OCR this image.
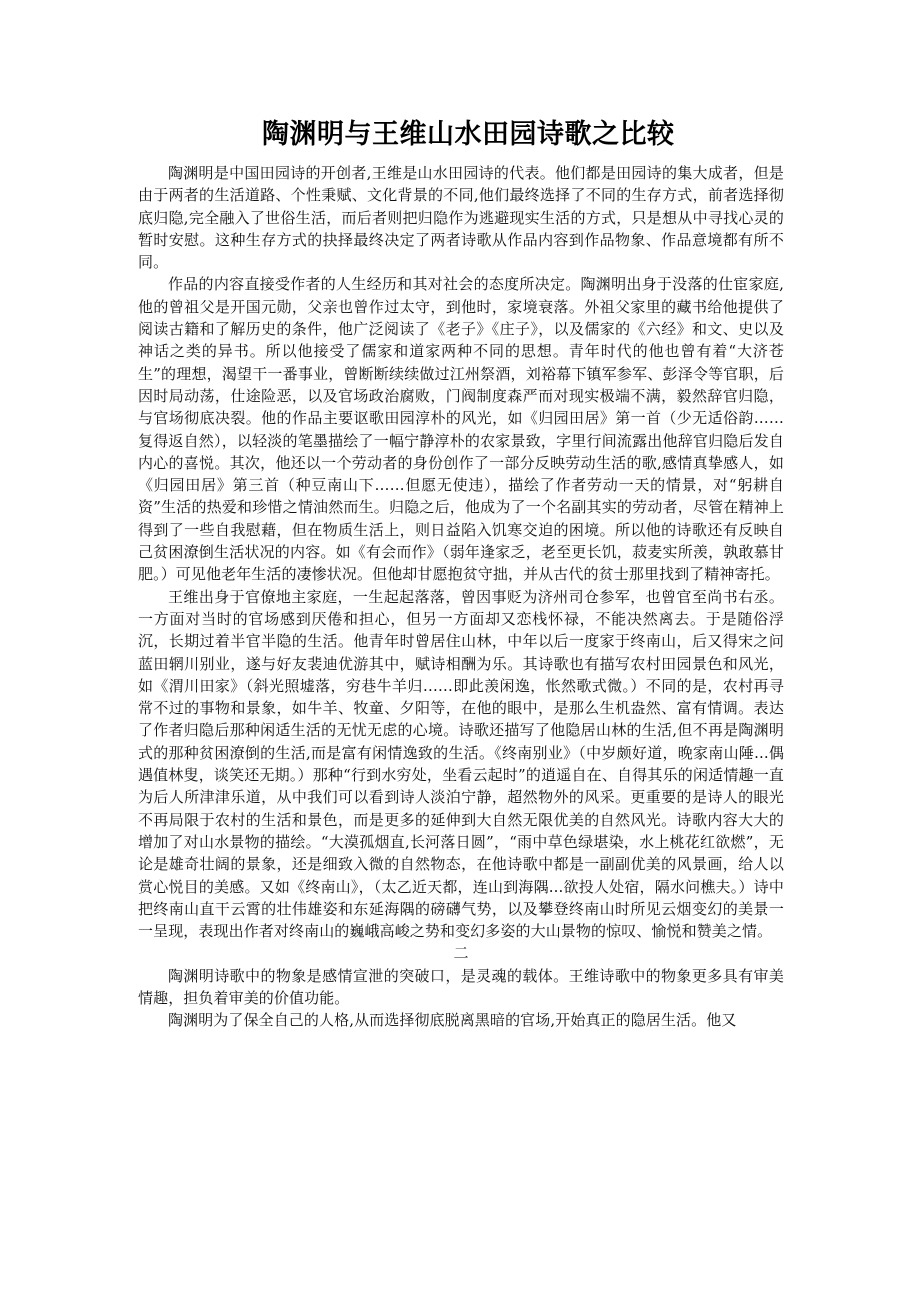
陶渊明与王维山水田园诗歌之比较

陶渊明是中国田园诗的开创者,王维是山水田园诗的代表。他们都是田园诗的集大成者，但是由于两者的生活道路、个性秉赋、文化背景的不同,他们最终选择了不同的生存方式，前者选择彻底归隐,完全融入了世俗生活，而后者则把归隐作为逃避现实生活的方式，只是想从中寻找心灵的暂时安慰。这种生存方式的抉择最终决定了两者诗歌从作品内容到作品物象、作品意境都有所不同。

作品的内容直接受作者的人生经历和其对社会的态度所决定。陶渊明出身于没落的仕宦家庭,他的曾祖父是开国元勋，父亲也曾作过太守，到他时，家境衰落。外祖父家里的藏书给他提供了阅读古籍和了解历史的条件，他广泛阅读了《老子》《庄子》，以及儒家的《六经》和文、史以及神话之类的异书。所以他接受了儒家和道家两种不同的思想。青年时代的他也曾有着“大济苍生”的理想，渴望干一番事业，曾断断续续做过江州祭酒，刘裕幕下镇军参军、彭泽令等官职，后因时局动荡，仕途险恶，以及官场政治腐败，门阀制度森严而对现实极端不满，毅然辞官归隐，与官场彻底决裂。他的作品主要讴歌田园淳朴的风光，如《归园田居》第一首（少无适俗韵……复得返自然），以轻淡的笔墨描绘了一幅宁静淳朴的农家景致，字里行间流露出他辞官归隐后发自内心的喜悦。其次，他还以一个劳动者的身份创作了一部分反映劳动生活的歌,感情真挚感人，如《归园田居》第三首（种豆南山下……但愿无使违），描绘了作者劳动一天的情景，对“躬耕自资”生活的热爱和珍惜之情油然而生。归隐之后，他成为了一个名副其实的劳动者，尽管在精神上得到了一些自我慰藉，但在物质生活上，则日益陷入饥寒交迫的困境。所以他的诗歌还有反映自己贫困潦倒生活状况的内容。如《有会而作》（弱年逢家乏，老至更长饥，菽麦实所羡，孰敢慕甘肥。）可见他老年生活的凄惨状况。但他却甘愿抱贫守拙，并从古代的贫士那里找到了精神寄托。

王维出身于官僚地主家庭，一生起起落落，曾因事贬为济州司仓参军，也曾官至尚书右丞。一方面对当时的官场感到厌倦和担心，但另一方面却又恋栈怀禄，不能决然离去。于是随俗浮沉，长期过着半官半隐的生活。他青年时曾居住山林，中年以后一度家于终南山，后又得宋之问蓝田辋川别业，遂与好友裴迪优游其中，赋诗相酬为乐。其诗歌也有描写农村田园景色和风光，如《渭川田家》（斜光照墟落，穷巷牛羊归……即此羡闲逸，怅然歌式微。）不同的是，农村再寻常不过的事物和景象，如牛羊、牧童、夕阳等，在他的眼中，是那么生机盎然、富有情调。表达了作者归隐后那种闲适生活的无忧无虑的心境。诗歌还描写了他隐居山林的生活,但不再是陶渊明式的那种贫困潦倒的生活,而是富有闲情逸致的生活。《终南别业》（中岁颇好道，晚家南山陲...偶遇值林叟，谈笑还无期。）那种“行到水穷处，坐看云起时”的逍遥自在、自得其乐的闲适情趣一直为后人所津津乐道，从中我们可以看到诗人淡泊宁静，超然物外的风采。更重要的是诗人的眼光不再局限于农村的生活和景色，而是更多的延伸到大自然无限优美的自然风光。诗歌内容大大的增加了对山水景物的描绘。“大漠孤烟直,长河落日圆”，“雨中草色绿堪染，水上桃花红欲燃”，无论是雄奇壮阔的景象，还是细致入微的自然物态，在他诗歌中都是一副副优美的风景画，给人以赏心悦目的美感。又如《终南山》，（太乙近天都，连山到海隅...欲投人处宿，隔水问樵夫。）诗中把终南山直干云霄的壮伟雄姿和东延海隅的磅礴气势，以及攀登终南山时所见云烟变幻的美景一一呈现，表现出作者对终南山的巍峨高峻之势和变幻多姿的大山景物的惊叹、愉悦和赞美之情。

二

陶渊明诗歌中的物象是感情宣泄的突破口，是灵魂的载体。王维诗歌中的物象更多具有审美情趣，担负着审美的价值功能。

陶渊明为了保全自己的人格,从而选择彻底脱离黑暗的官场,开始真正的隐居生活。他又
